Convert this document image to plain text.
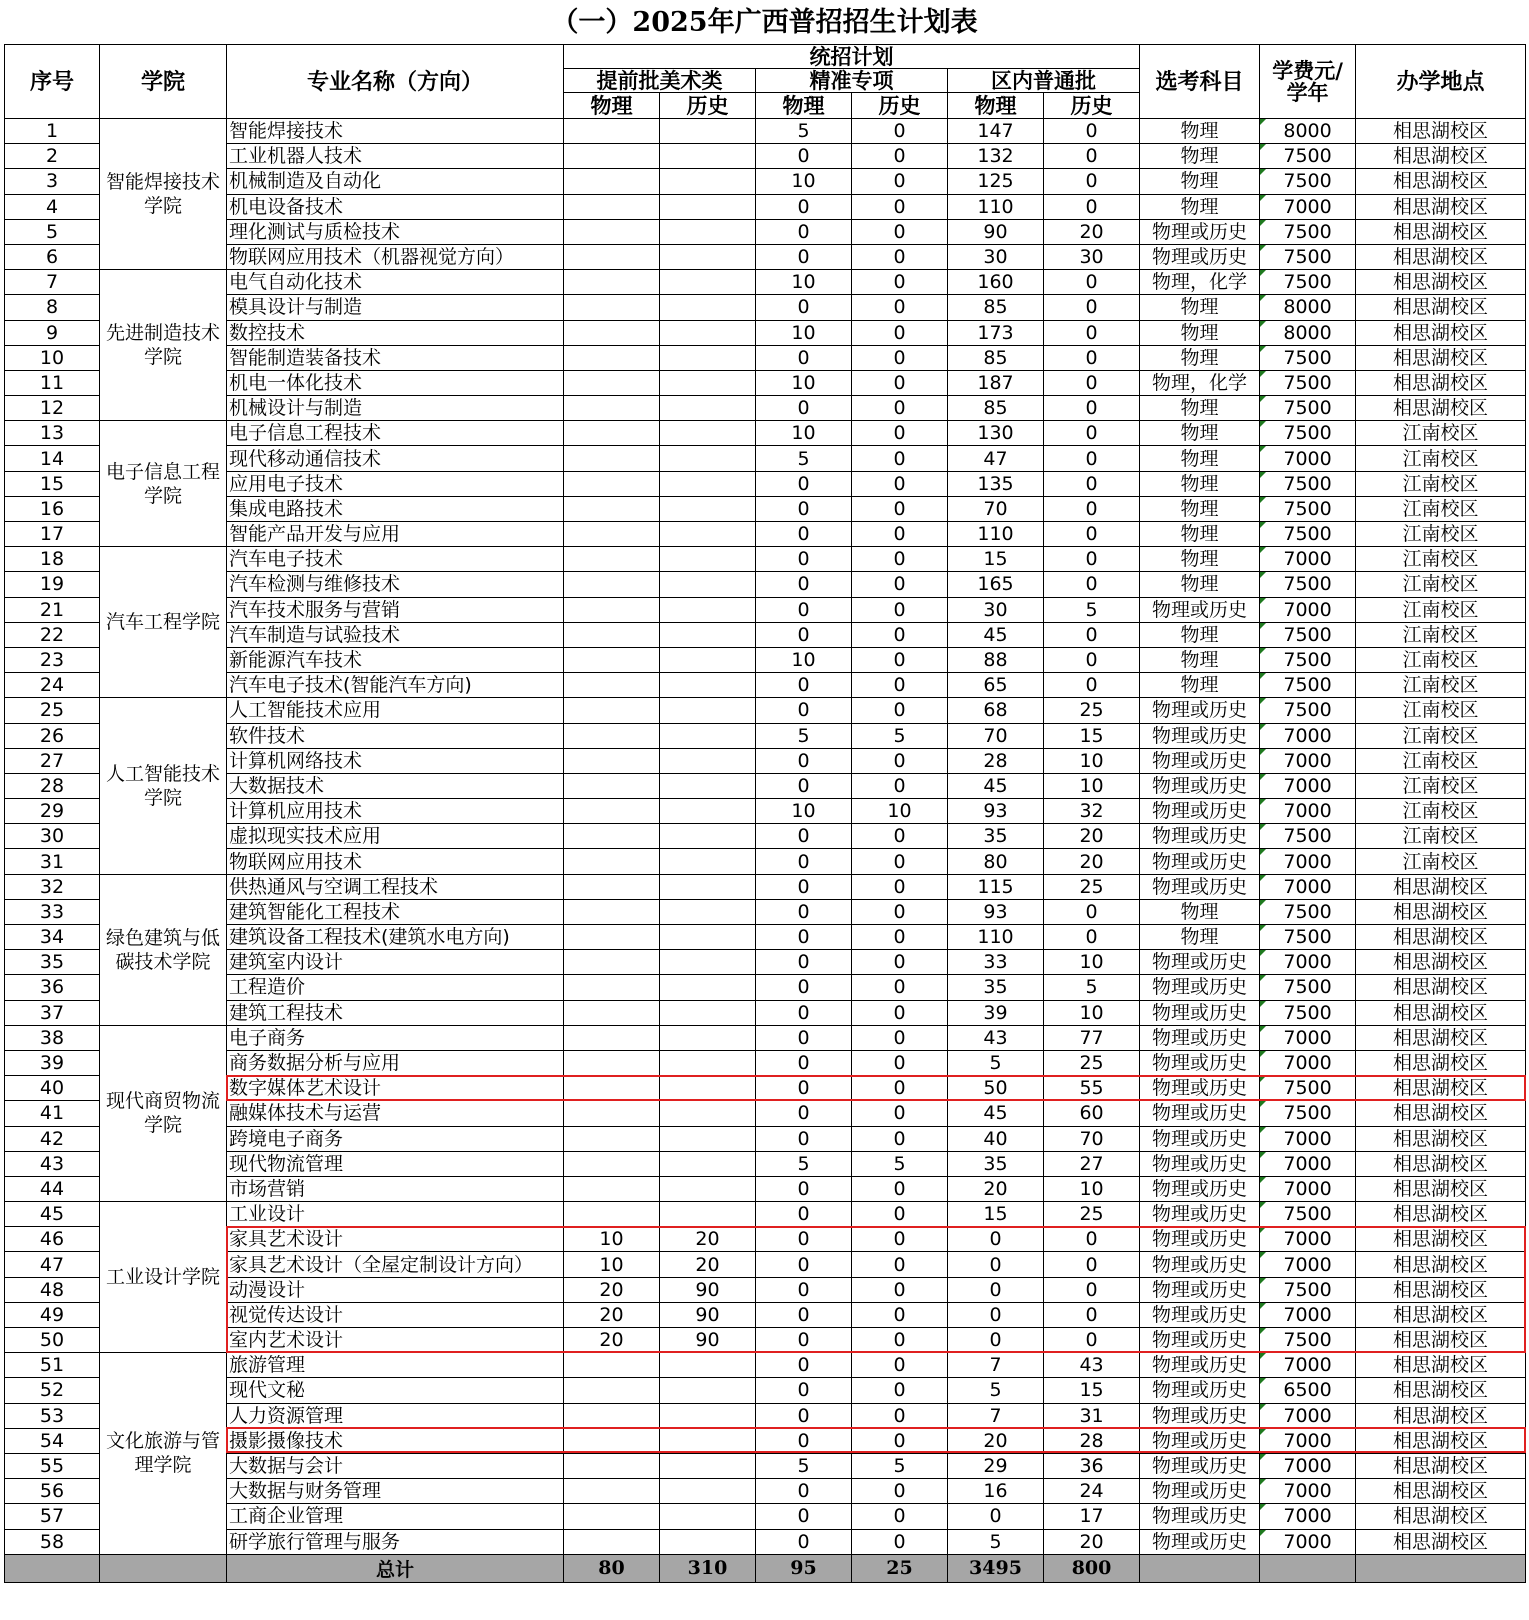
（一）2025年广西普招招生计划表
序号	学院	专业名称（方向）	统招计划						选考科目	学费元/学年	办学地点
			提前批美术类		精准专项		区内普通批				
			物理	历史	物理	历史	物理	历史			
1	智能焊接技术学院	智能焊接技术			5	0	147	0	物理	8000	相思湖校区
2		工业机器人技术			0	0	132	0	物理	7500	相思湖校区
3		机械制造及自动化			10	0	125	0	物理	7500	相思湖校区
4		机电设备技术			0	0	110	0	物理	7000	相思湖校区
5		理化测试与质检技术			0	0	90	20	物理或历史	7500	相思湖校区
6		物联网应用技术（机器视觉方向）			0	0	30	30	物理或历史	7500	相思湖校区
7	先进制造技术学院	电气自动化技术			10	0	160	0	物理，化学	7500	相思湖校区
8		模具设计与制造			0	0	85	0	物理	8000	相思湖校区
9		数控技术			10	0	173	0	物理	8000	相思湖校区
10		智能制造装备技术			0	0	85	0	物理	7500	相思湖校区
11		机电一体化技术			10	0	187	0	物理，化学	7500	相思湖校区
12		机械设计与制造			0	0	85	0	物理	7500	相思湖校区
13	电子信息工程学院	电子信息工程技术			10	0	130	0	物理	7500	江南校区
14		现代移动通信技术			5	0	47	0	物理	7000	江南校区
15		应用电子技术			0	0	135	0	物理	7500	江南校区
16		集成电路技术			0	0	70	0	物理	7500	江南校区
17		智能产品开发与应用			0	0	110	0	物理	7500	江南校区
18	汽车工程学院	汽车电子技术			0	0	15	0	物理	7000	江南校区
19		汽车检测与维修技术			0	0	165	0	物理	7500	江南校区
21		汽车技术服务与营销			0	0	30	5	物理或历史	7000	江南校区
22		汽车制造与试验技术			0	0	45	0	物理	7500	江南校区
23		新能源汽车技术			10	0	88	0	物理	7500	江南校区
24		汽车电子技术(智能汽车方向)			0	0	65	0	物理	7500	江南校区
25	人工智能技术学院	人工智能技术应用			0	0	68	25	物理或历史	7500	江南校区
26		软件技术			5	5	70	15	物理或历史	7000	江南校区
27		计算机网络技术			0	0	28	10	物理或历史	7000	江南校区
28		大数据技术			0	0	45	10	物理或历史	7000	江南校区
29		计算机应用技术			10	10	93	32	物理或历史	7000	江南校区
30		虚拟现实技术应用			0	0	35	20	物理或历史	7500	江南校区
31		物联网应用技术			0	0	80	20	物理或历史	7000	江南校区
32	绿色建筑与低碳技术学院	供热通风与空调工程技术			0	0	115	25	物理或历史	7000	相思湖校区
33		建筑智能化工程技术			0	0	93	0	物理	7500	相思湖校区
34		建筑设备工程技术(建筑水电方向)			0	0	110	0	物理	7500	相思湖校区
35		建筑室内设计			0	0	33	10	物理或历史	7000	相思湖校区
36		工程造价			0	0	35	5	物理或历史	7500	相思湖校区
37		建筑工程技术			0	0	39	10	物理或历史	7500	相思湖校区
38	现代商贸物流学院	电子商务			0	0	43	77	物理或历史	7000	相思湖校区
39		商务数据分析与应用			0	0	5	25	物理或历史	7000	相思湖校区
40		数字媒体艺术设计			0	0	50	55	物理或历史	7500	相思湖校区
41		融媒体技术与运营			0	0	45	60	物理或历史	7500	相思湖校区
42		跨境电子商务			0	0	40	70	物理或历史	7000	相思湖校区
43		现代物流管理			5	5	35	27	物理或历史	7000	相思湖校区
44		市场营销			0	0	20	10	物理或历史	7000	相思湖校区
45	工业设计学院	工业设计			0	0	15	25	物理或历史	7500	相思湖校区
46		家具艺术设计	10	20	0	0	0	0	物理或历史	7000	相思湖校区
47		家具艺术设计（全屋定制设计方向）	10	20	0	0	0	0	物理或历史	7000	相思湖校区
48		动漫设计	20	90	0	0	0	0	物理或历史	7500	相思湖校区
49		视觉传达设计	20	90	0	0	0	0	物理或历史	7000	相思湖校区
50		室内艺术设计	20	90	0	0	0	0	物理或历史	7500	相思湖校区
51	文化旅游与管理学院	旅游管理			0	0	7	43	物理或历史	7000	相思湖校区
52		现代文秘			0	0	5	15	物理或历史	6500	相思湖校区
53		人力资源管理			0	0	7	31	物理或历史	7000	相思湖校区
54		摄影摄像技术			0	0	20	28	物理或历史	7000	相思湖校区
55		大数据与会计			5	5	29	36	物理或历史	7000	相思湖校区
56		大数据与财务管理			0	0	16	24	物理或历史	7000	相思湖校区
57		工商企业管理			0	0	0	17	物理或历史	7000	相思湖校区
58		研学旅行管理与服务			0	0	5	20	物理或历史	7000	相思湖校区
		总计	80	310	95	25	3495	800			
